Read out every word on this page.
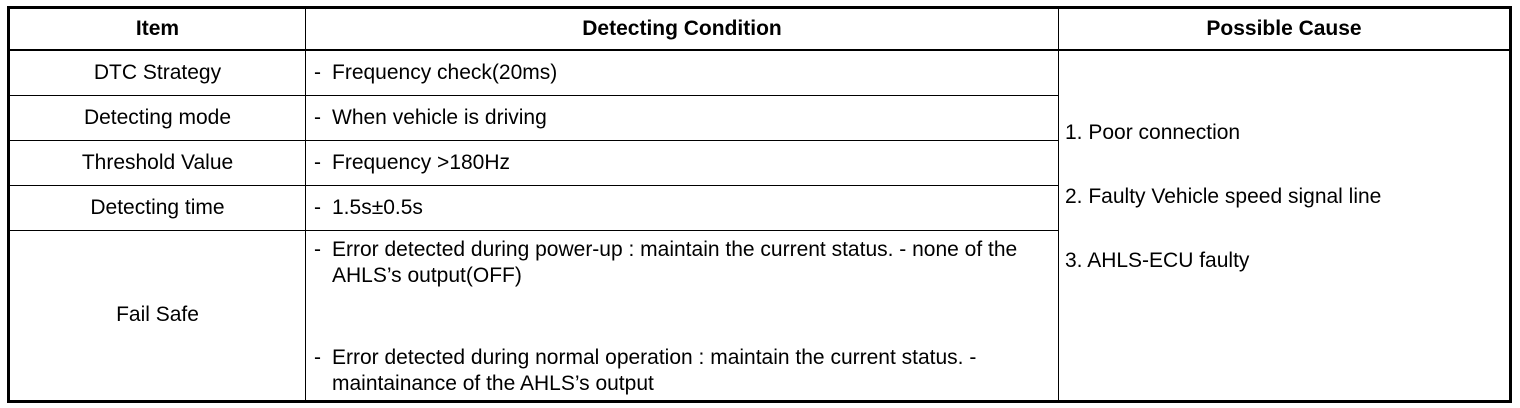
Item	Detecting Condition	Possible Cause
DTC Strategy	- Frequency check(20ms)	1. Poor connection
2. Faulty Vehicle speed signal line
3. AHLS-ECU faulty

Detecting mode	- When vehicle is driving	

Threshold Value	- Frequency >180Hz	

Detecting time	- 1.5s±0.5s	

Fail Safe	- Error detected during power-up : maintain the current status. - none of the AHLS’s output(OFF)
- Error detected during normal operation : maintain the current status. - maintainance of the AHLS’s output	
